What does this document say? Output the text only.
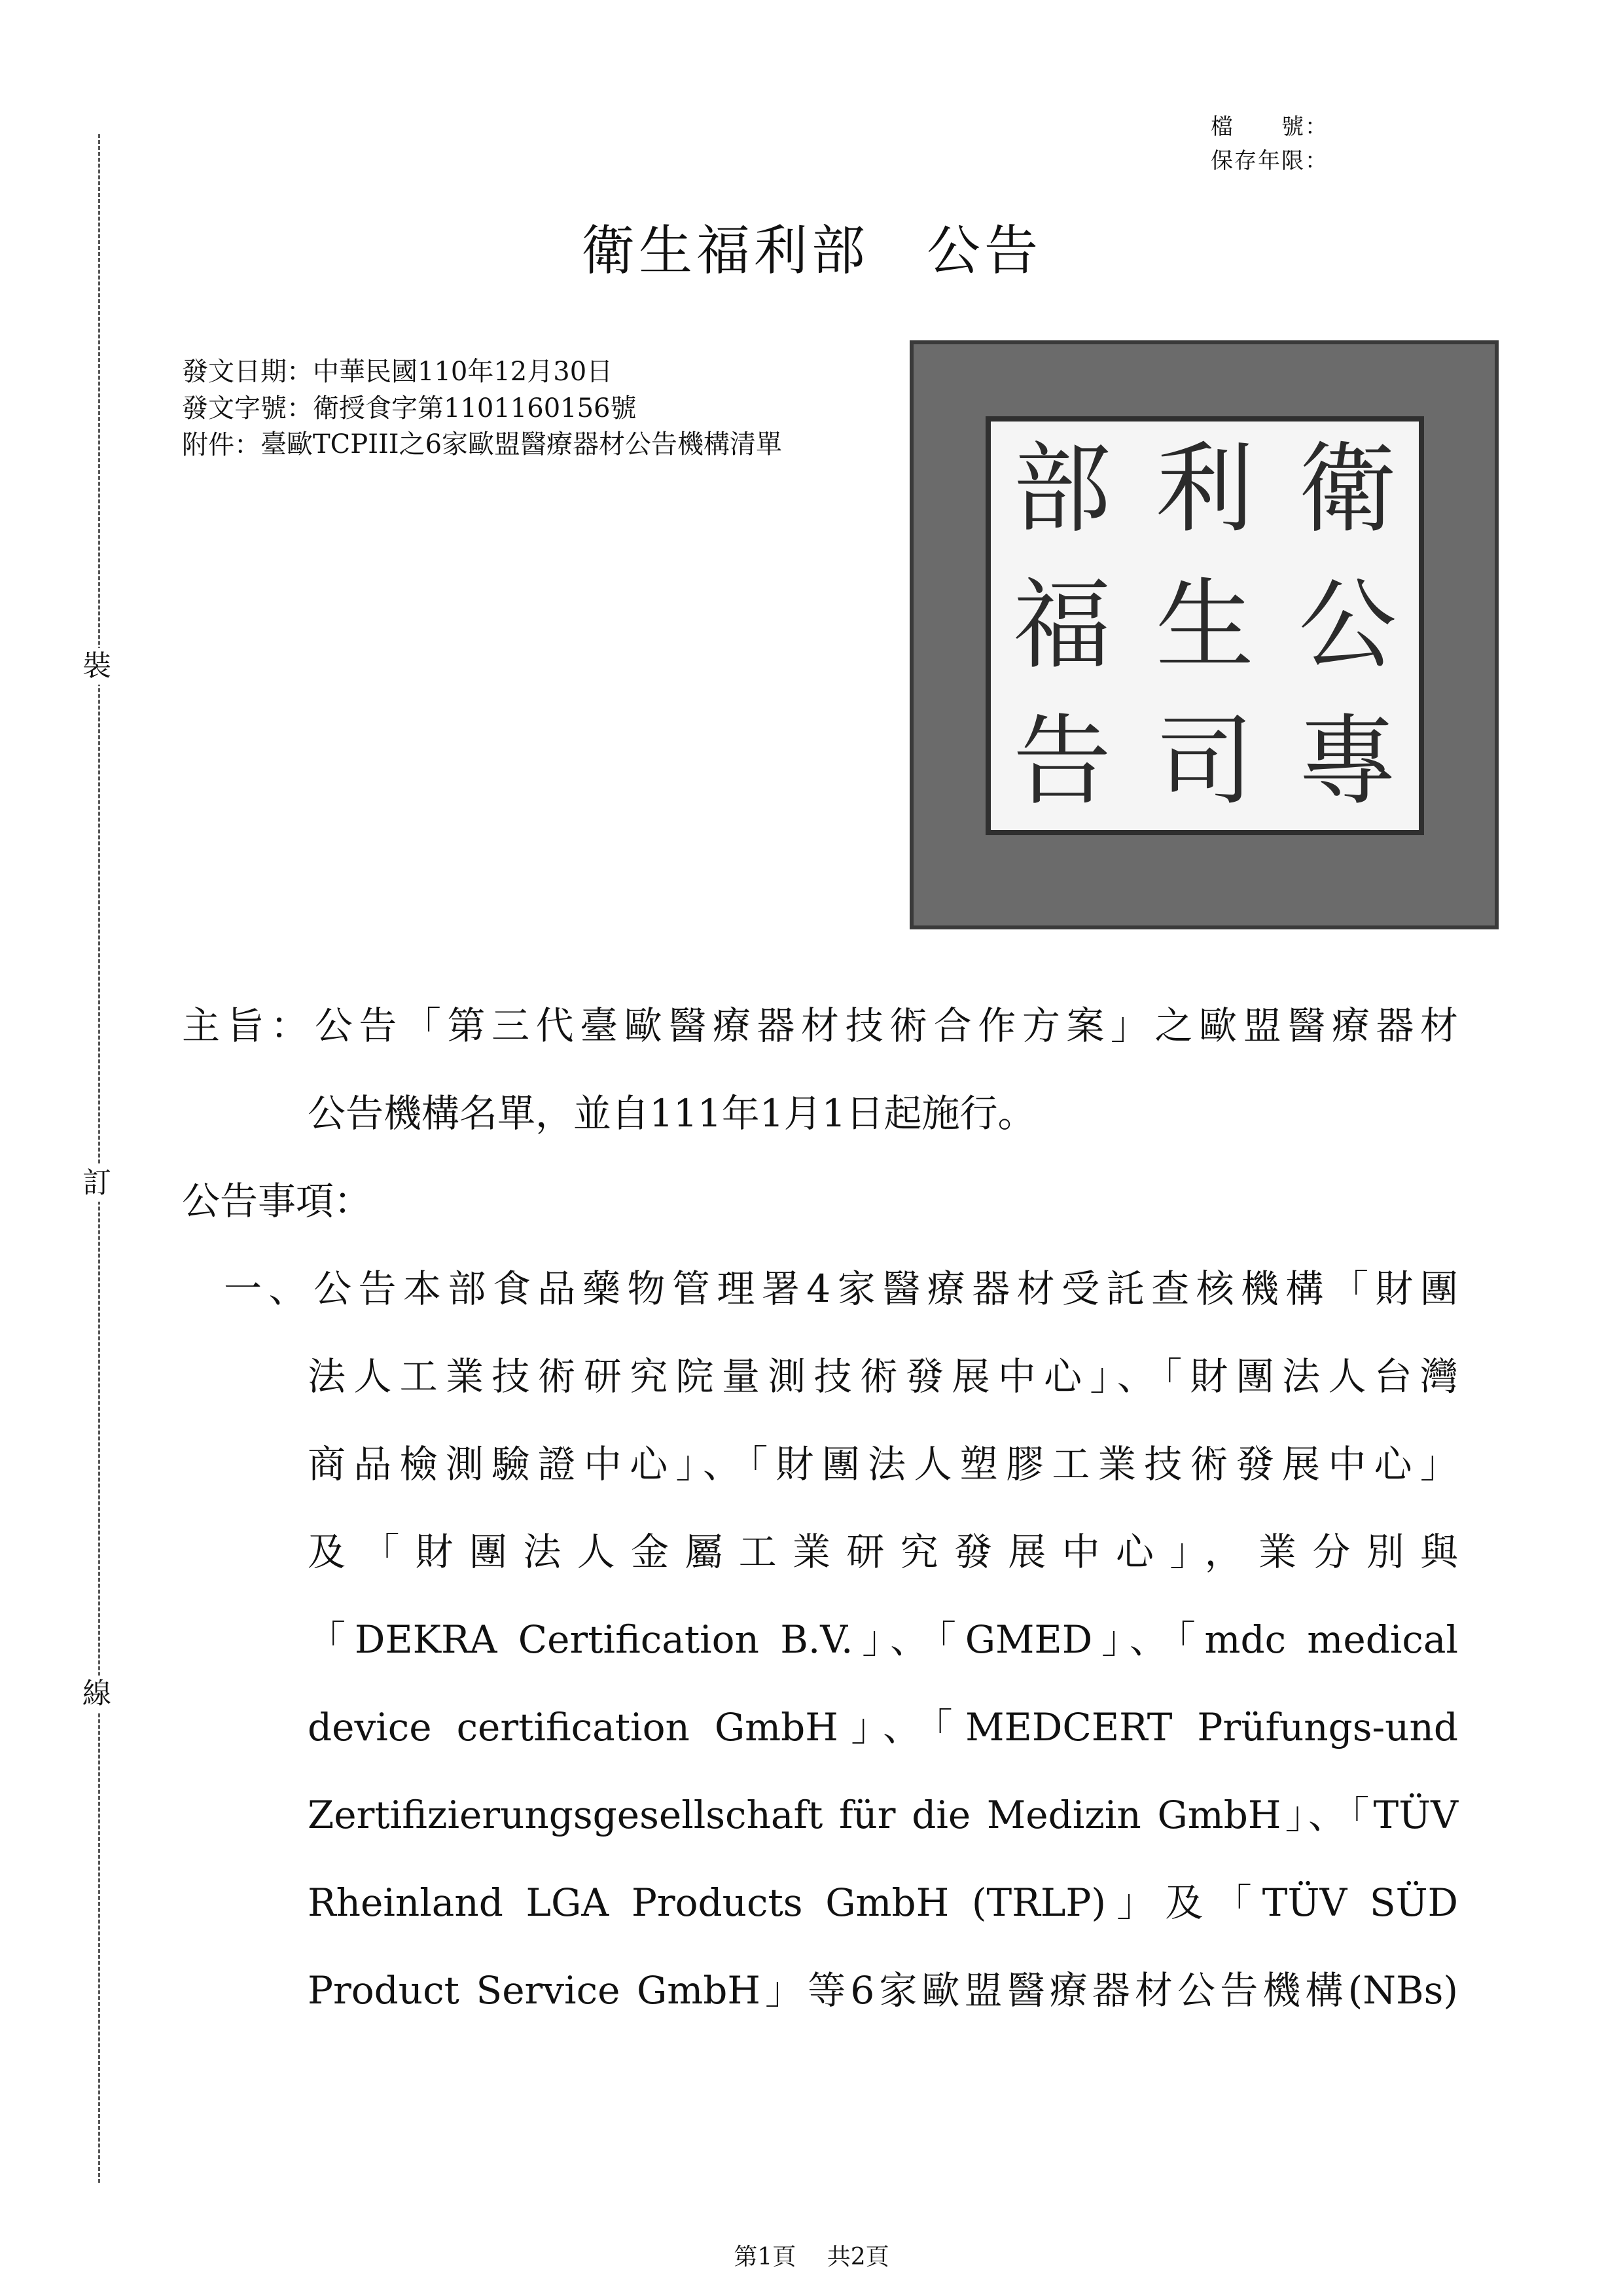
裝
訂
線
檔　　號：
保存年限：
衛生福利部　公告
發文日期： 中華民國110年12月30日
發文字號： 衛授食字第1101160156號
附件： 臺歐TCPIII之6家歐盟醫療器材公告機構清單	部 利 衛
福 生 公
告 司 專
主旨：公告「第三代臺歐醫療器材技術合作方案」之歐盟醫療器材
公告機構名單，並自111年1月1日起施行。
公告事項：
一、公告本部食品藥物管理署4家醫療器材受託查核機構「財團
法人工業技術研究院量測技術發展中心」、「財團法人台灣
商品檢測驗證中心」、「財團法人塑膠工業技術發展中心」
及「財團法人金屬工業研究發展中心」，業分別與
「DEKRA Certification B.V.」、「GMED」、「mdc medical
device certification GmbH」、「MEDCERT Prüfungs-und
Zertifizierungsgesellschaft für die Medizin GmbH」、「TÜV
Rheinland LGA Products GmbH (TRLP)」及「TÜV SÜD
Product Service GmbH」等6家歐盟醫療器材公告機構(NBs)
第1頁 共2頁
